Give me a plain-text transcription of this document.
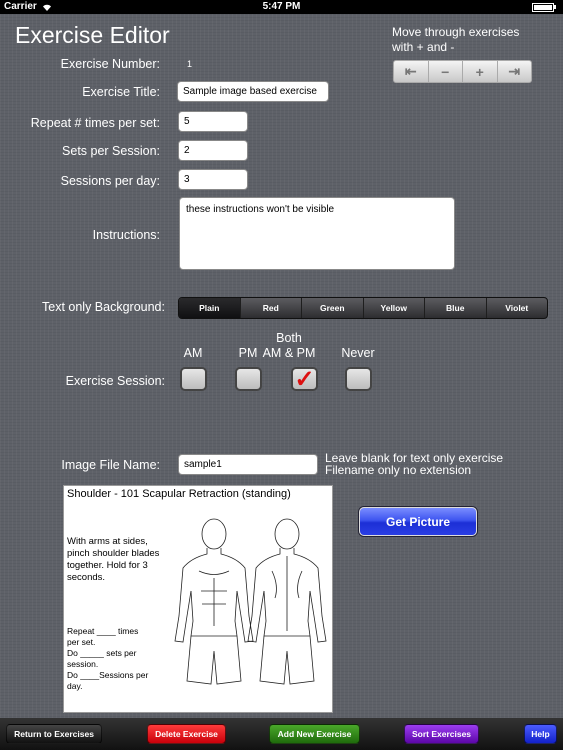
Carrier	5:47 PM
Exercise Editor	Move through exercises with + and -
⇤	−	+	⇥
Exercise Number:	1
Exercise Title:	Sample image based exercise
Repeat # times per set:	5
Sets per Session:	2
Sessions per day:	3
Instructions:
these instructions won't be visible
Text only Background:	Plain	Red	Green	Yellow	Blue	Violet
Exercise Session:
AM	PM
Both
AM & PM	Never
✓
Image File Name:	sample1	Leave blank for text only exercise
Filename only no extension
Shoulder - 101 Scapular Retraction (standing)
With arms at sides, pinch shoulder blades together. Hold for 3 seconds.
Repeat ____ times per set.
Do _____ sets per session.
Do ____Sessions per day.
Get Picture
Return to Exercises	Delete Exercise	Add New Exercise	Sort Exercises	Help
